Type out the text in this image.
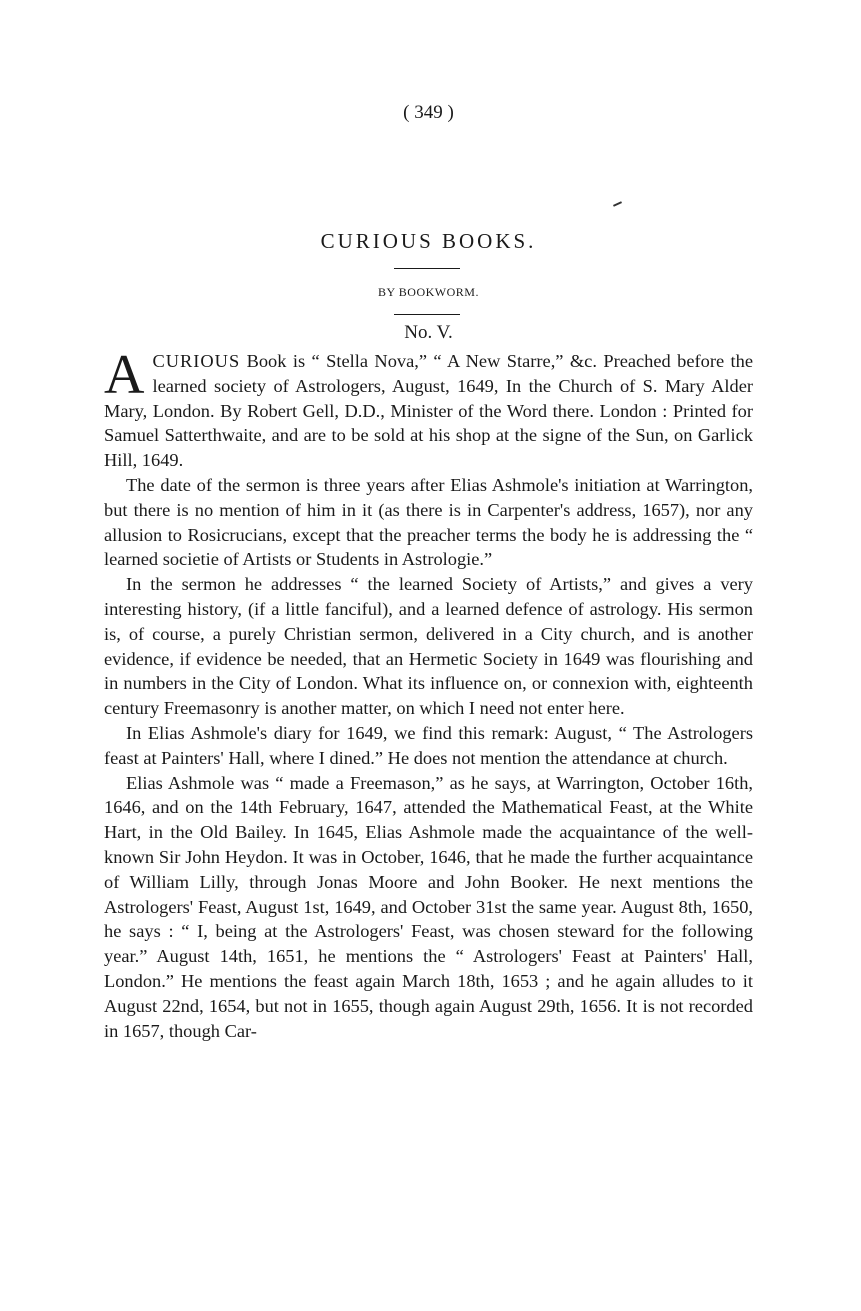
( 349 )
CURIOUS BOOKS.
BY BOOKWORM.
No. V.

ACURIOUS Book is “ Stella Nova,” “ A New Starre,” &c. Preached before the learned society of Astrologers, August, 1649, In the Church of S. Mary Alder Mary, London. By Robert Gell, D.D., Minister of the Word there. London : Printed for Samuel Satterthwaite, and are to be sold at his shop at the signe of the Sun, on Garlick Hill, 1649.

The date of the sermon is three years after Elias Ashmole's initiation at Warrington, but there is no mention of him in it (as there is in Carpenter's address, 1657), nor any allusion to Rosicrucians, except that the preacher terms the body he is addressing the “ learned societie of Artists or Students in Astrologie.”

In the sermon he addresses “ the learned Society of Artists,” and gives a very interesting history, (if a little fanciful), and a learned defence of astrology. His sermon is, of course, a purely Christian sermon, delivered in a City church, and is another evidence, if evidence be needed, that an Hermetic Society in 1649 was flourishing and in numbers in the City of London. What its influence on, or connexion with, eighteenth century Freemasonry is another matter, on which I need not enter here.

In Elias Ashmole's diary for 1649, we find this remark: August, “ The Astrologers feast at Painters' Hall, where I dined.” He does not mention the attendance at church.

Elias Ashmole was “ made a Freemason,” as he says, at Warrington, October 16th, 1646, and on the 14th February, 1647, attended the Mathematical Feast, at the White Hart, in the Old Bailey. In 1645, Elias Ashmole made the acquaintance of the well-known Sir John Heydon. It was in October, 1646, that he made the further acquaintance of William Lilly, through Jonas Moore and John Booker. He next mentions the Astrologers' Feast, August 1st, 1649, and October 31st the same year. August 8th, 1650, he says : “ I, being at the Astrologers' Feast, was chosen steward for the following year.” August 14th, 1651, he mentions the “ Astrologers' Feast at Painters' Hall, London.” He mentions the feast again March 18th, 1653 ; and he again alludes to it August 22nd, 1654, but not in 1655, though again August 29th, 1656. It is not recorded in 1657, though Car-
